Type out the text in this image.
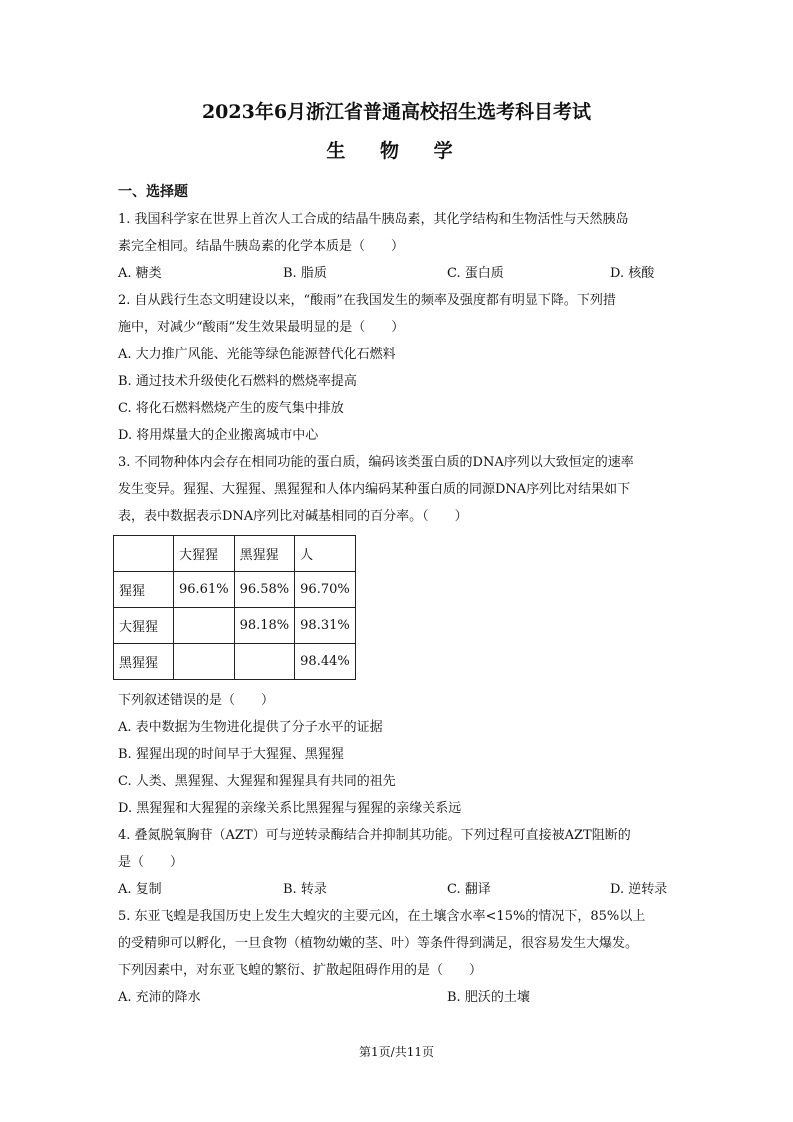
2023年6月浙江省普通高校招生选考科目考试
生 物 学
一、选择题
1. 我国科学家在世界上首次人工合成的结晶牛胰岛素，其化学结构和生物活性与天然胰岛
素完全相同。结晶牛胰岛素的化学本质是（　　）
A. 糖类	B. 脂质	C. 蛋白质	D. 核酸
2. 自从践行生态文明建设以来，“酸雨”在我国发生的频率及强度都有明显下降。下列措
施中，对减少“酸雨”发生效果最明显的是（　　）
A. 大力推广风能、光能等绿色能源替代化石燃料
B. 通过技术升级使化石燃料的燃烧率提高
C. 将化石燃料燃烧产生的废气集中排放
D. 将用煤量大的企业搬离城市中心
3. 不同物种体内会存在相同功能的蛋白质，编码该类蛋白质的DNA序列以大致恒定的速率
发生变异。猩猩、大猩猩、黑猩猩和人体内编码某种蛋白质的同源DNA序列比对结果如下
表，表中数据表示DNA序列比对碱基相同的百分率。（　　）
	大猩猩	黑猩猩	人
猩猩	96.61%	96.58%	96.70%
大猩猩		98.18%	98.31%
黑猩猩			98.44%
下列叙述错误的是（　　）
A. 表中数据为生物进化提供了分子水平的证据
B. 猩猩出现的时间早于大猩猩、黑猩猩
C. 人类、黑猩猩、大猩猩和猩猩具有共同的祖先
D. 黑猩猩和大猩猩的亲缘关系比黑猩猩与猩猩的亲缘关系远
4. 叠氮脱氧胸苷（AZT）可与逆转录酶结合并抑制其功能。下列过程可直接被AZT阻断的
是（　　）
A. 复制	B. 转录	C. 翻译	D. 逆转录
5. 东亚飞蝗是我国历史上发生大蝗灾的主要元凶，在土壤含水率<15%的情况下，85%以上
的受精卵可以孵化，一旦食物（植物幼嫩的茎、叶）等条件得到满足，很容易发生大爆发。
下列因素中，对东亚飞蝗的繁衍、扩散起阻碍作用的是（　　）
A. 充沛的降水	B. 肥沃的土壤
第1页/共11页
